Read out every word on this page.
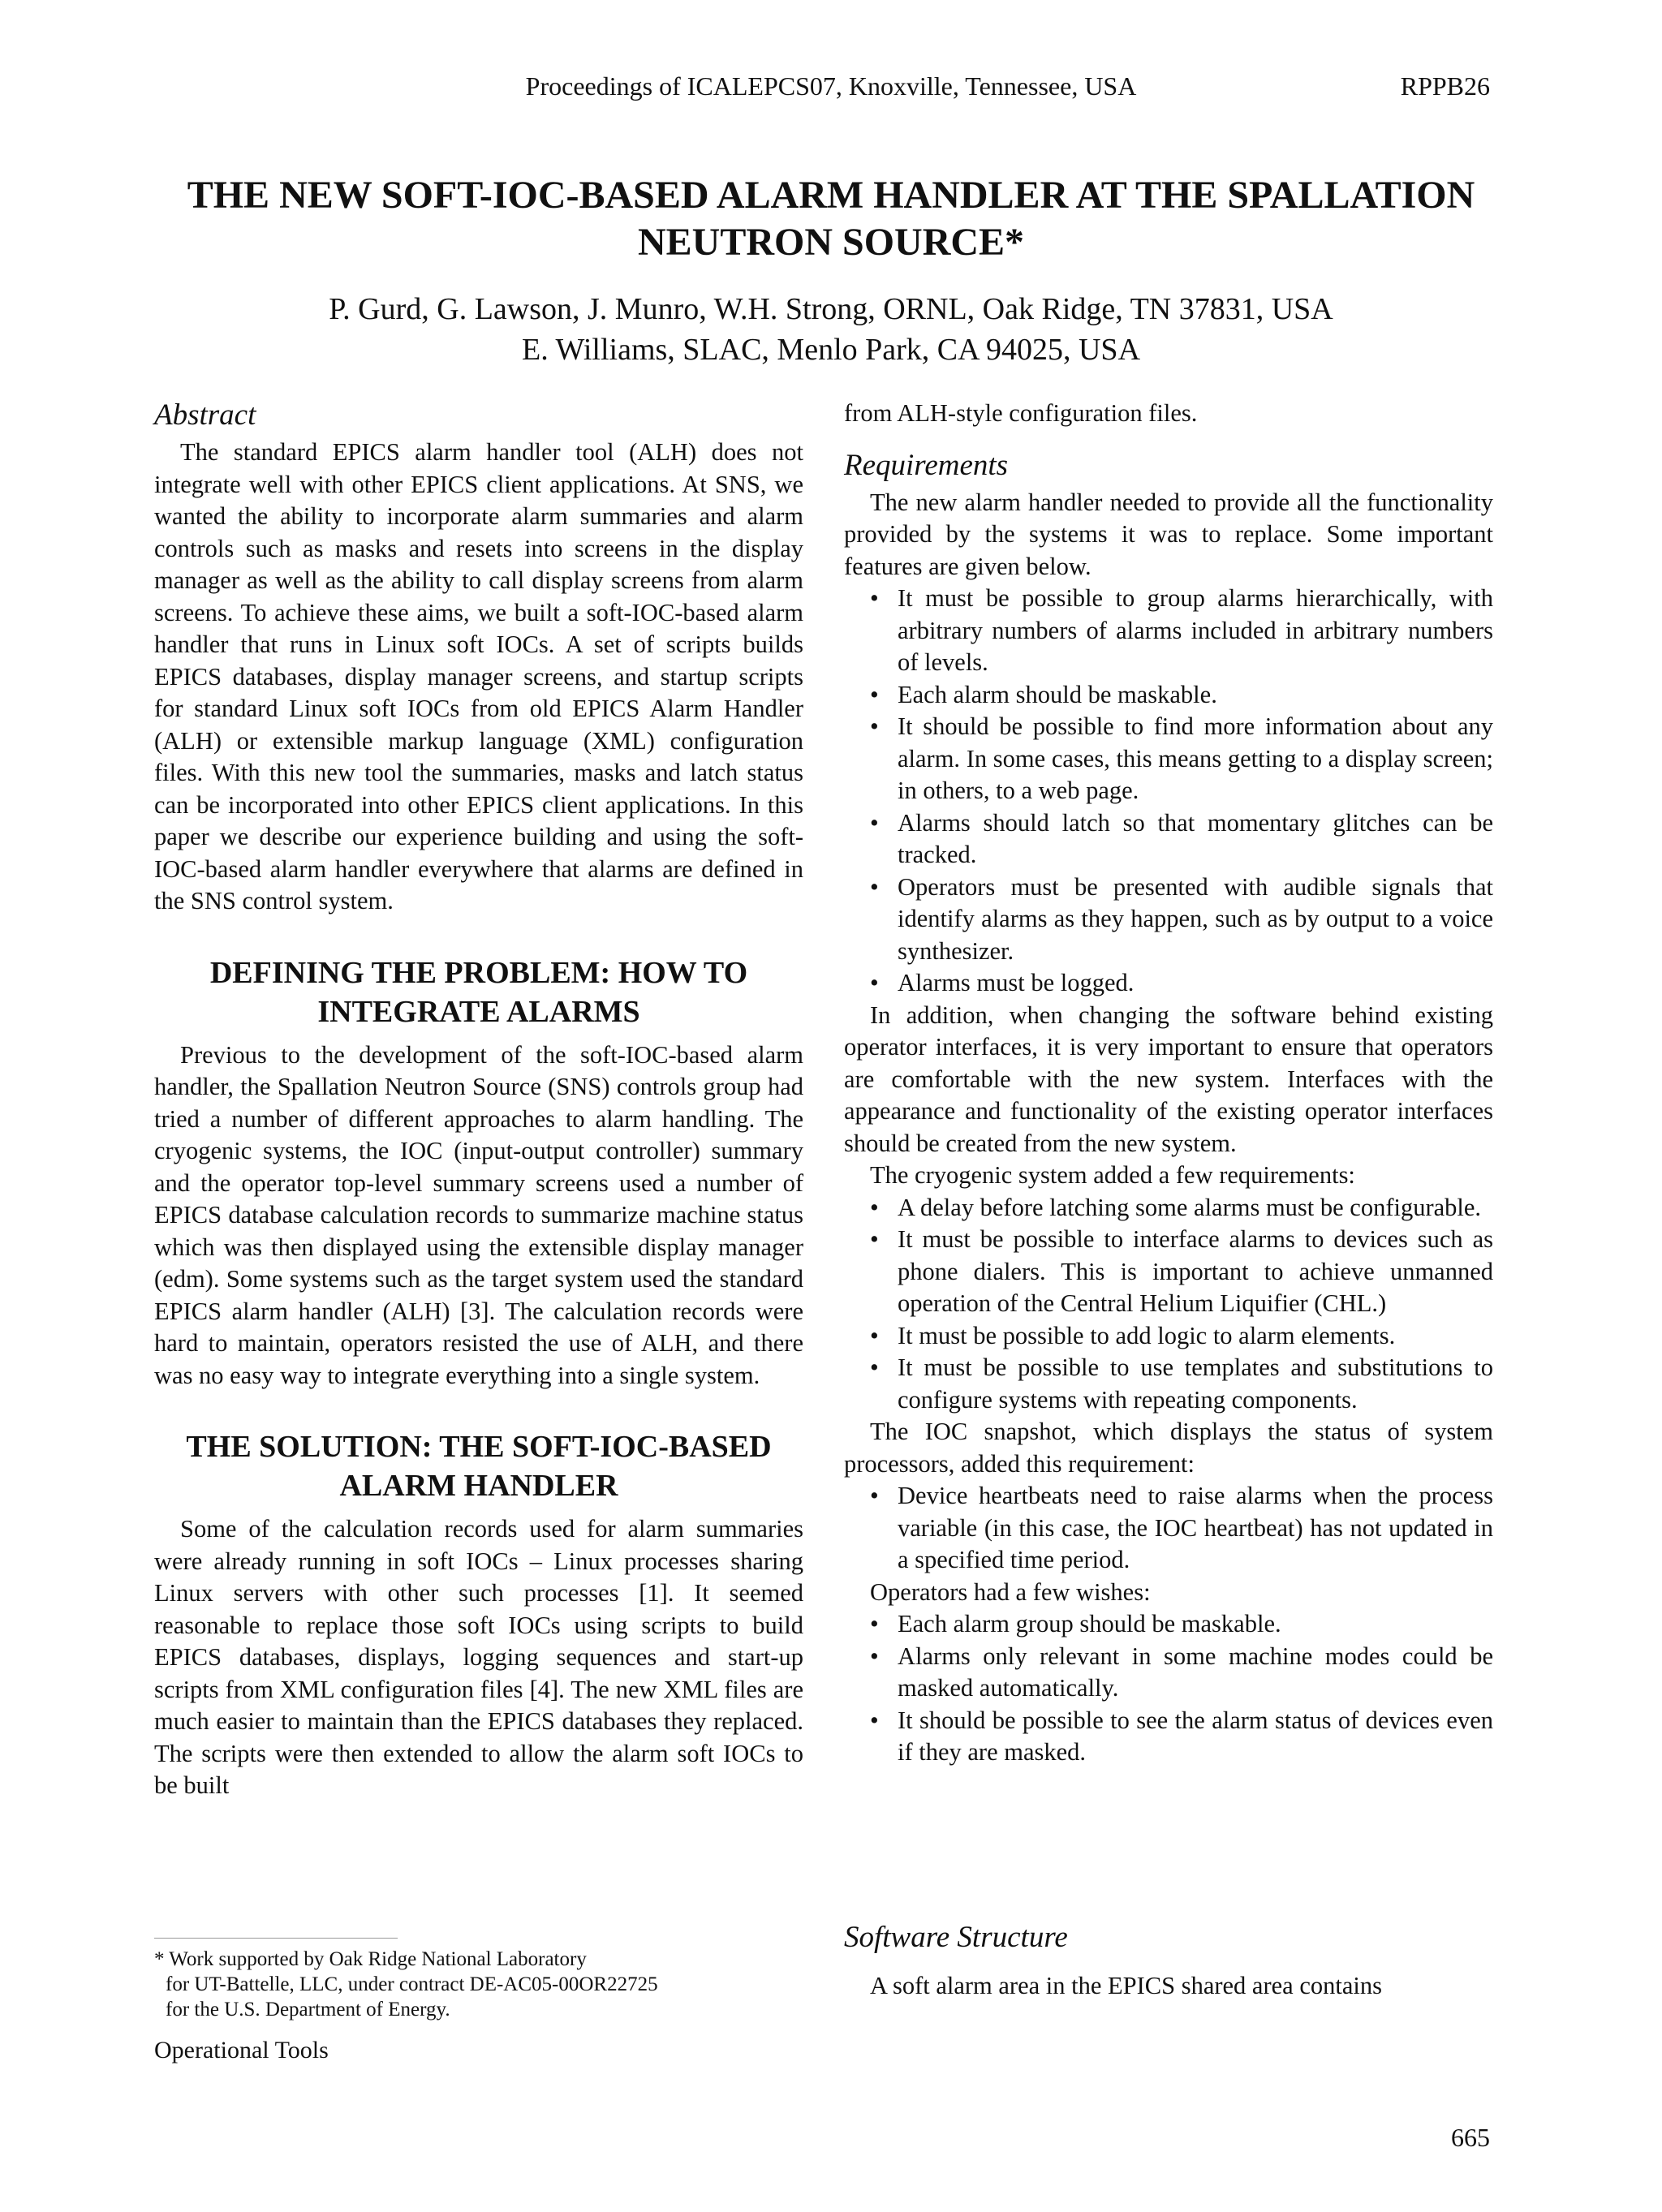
Proceedings of ICALEPCS07, Knoxville, Tennessee, USA	RPPB26
THE NEW SOFT-IOC-BASED ALARM HANDLER AT THE SPALLATION
NEUTRON SOURCE*
P. Gurd, G. Lawson, J. Munro, W.H. Strong, ORNL, Oak Ridge, TN 37831, USA
E. Williams, SLAC, Menlo Park, CA 94025, USA
Abstract

The standard EPICS alarm handler tool (ALH) does not integrate well with other EPICS client applications. At SNS, we wanted the ability to incorporate alarm summaries and alarm controls such as masks and resets into screens in the display manager as well as the ability to call display screens from alarm screens. To achieve these aims, we built a soft-IOC-based alarm handler that runs in Linux soft IOCs. A set of scripts builds EPICS databases, display manager screens, and startup scripts for standard Linux soft IOCs from old EPICS Alarm Handler (ALH) or extensible markup language (XML) configuration files. With this new tool the summaries, masks and latch status can be incorporated into other EPICS client applications. In this paper we describe our experience building and using the soft-IOC-based alarm handler everywhere that alarms are defined in the SNS control system.

DEFINING THE PROBLEM: HOW TO
INTEGRATE ALARMS

Previous to the development of the soft-IOC-based alarm handler, the Spallation Neutron Source (SNS) controls group had tried a number of different approaches to alarm handling. The cryogenic systems, the IOC (input-output controller) summary and the operator top-level summary screens used a number of EPICS database calculation records to summarize machine status which was then displayed using the extensible display manager (edm). Some systems such as the target system used the standard EPICS alarm handler (ALH) [3]. The calculation records were hard to maintain, operators resisted the use of ALH, and there was no easy way to integrate everything into a single system.

THE SOLUTION: THE SOFT-IOC-BASED
ALARM HANDLER

Some of the calculation records used for alarm summaries were already running in soft IOCs – Linux processes sharing Linux servers with other such processes [1]. It seemed reasonable to replace those soft IOCs using scripts to build EPICS databases, displays, logging sequences and start-up scripts from XML configuration files [4]. The new XML files are much easier to maintain than the EPICS databases they replaced. The scripts were then extended to allow the alarm soft IOCs to be built

from ALH-style configuration files.

Requirements

The new alarm handler needed to provide all the functionality provided by the systems it was to replace. Some important features are given below.

• It must be possible to group alarms hierarchically, with arbitrary numbers of alarms included in arbitrary numbers of levels.
• Each alarm should be maskable.
• It should be possible to find more information about any alarm. In some cases, this means getting to a display screen; in others, to a web page.
• Alarms should latch so that momentary glitches can be tracked.
• Operators must be presented with audible signals that identify alarms as they happen, such as by output to a voice synthesizer.
• Alarms must be logged.

In addition, when changing the software behind existing operator interfaces, it is very important to ensure that operators are comfortable with the new system. Interfaces with the appearance and functionality of the existing operator interfaces should be created from the new system.

The cryogenic system added a few requirements:

• A delay before latching some alarms must be configurable.
• It must be possible to interface alarms to devices such as phone dialers. This is important to achieve unmanned operation of the Central Helium Liquifier (CHL.)
• It must be possible to add logic to alarm elements.
• It must be possible to use templates and substitutions to configure systems with repeating components.

The IOC snapshot, which displays the status of system processors, added this requirement:

• Device heartbeats need to raise alarms when the process variable (in this case, the IOC heartbeat) has not updated in a specified time period.

Operators had a few wishes:

• Each alarm group should be maskable.
• Alarms only relevant in some machine modes could be masked automatically.
• It should be possible to see the alarm status of devices even if they are masked.
Software Structure

A soft alarm area in the EPICS shared area contains

* Work supported by Oak Ridge National Laboratory
for UT-Battelle, LLC, under contract DE-AC05-00OR22725
for the U.S. Department of Energy.
Operational Tools
665
